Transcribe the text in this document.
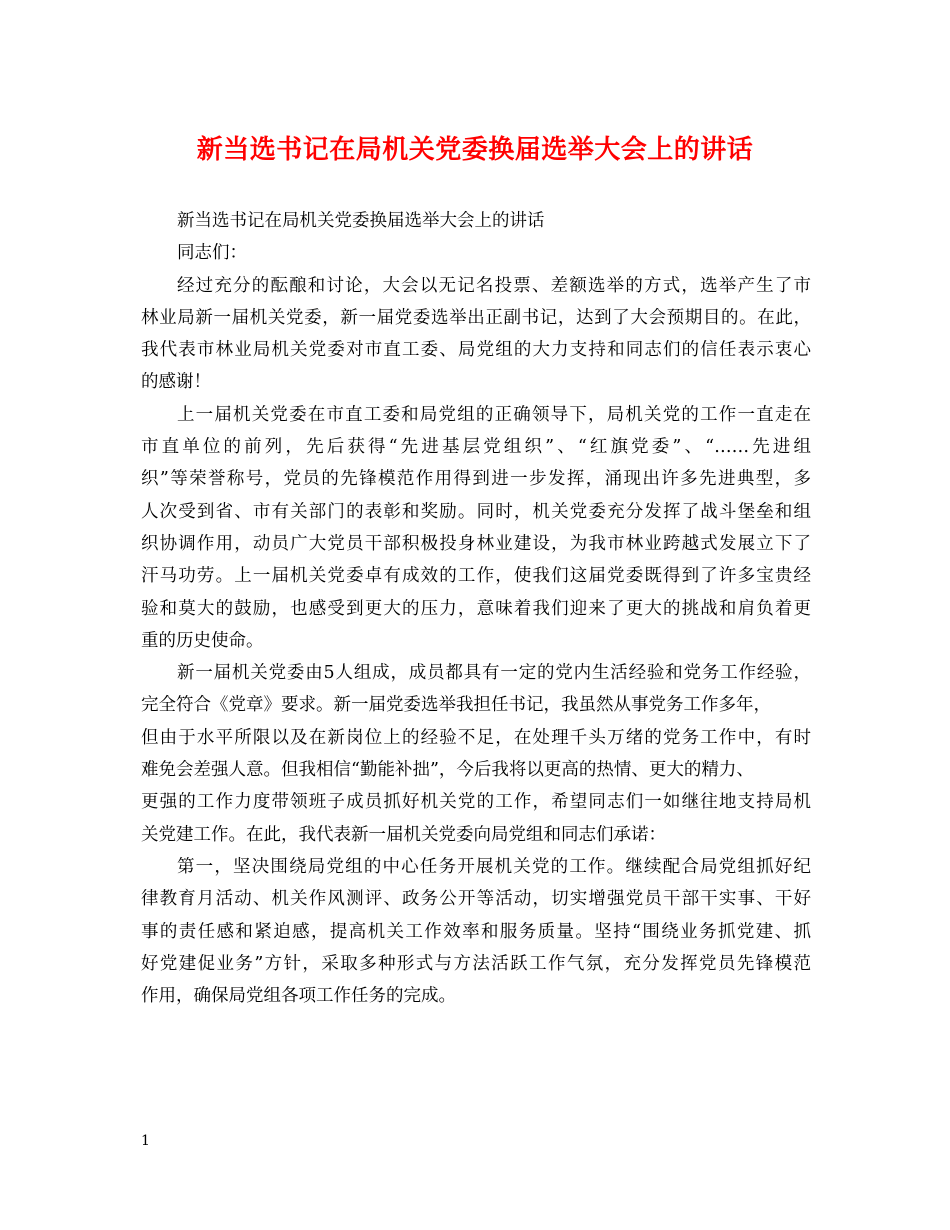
新当选书记在局机关党委换届选举大会上的讲话
新当选书记在局机关党委换届选举大会上的讲话
同志们：
经过充分的酝酿和讨论，大会以无记名投票、差额选举的方式，选举产生了市
林业局新一届机关党委，新一届党委选举出正副书记，达到了大会预期目的。在此，
我代表市林业局机关党委对市直工委、局党组的大力支持和同志们的信任表示衷心
的感谢！
上一届机关党委在市直工委和局党组的正确领导下，局机关党的工作一直走在
市直单位的前列，先后获得“先进基层党组织”、“红旗党委”、“……先进组
织”等荣誉称号，党员的先锋模范作用得到进一步发挥，涌现出许多先进典型，多
人次受到省、市有关部门的表彰和奖励。同时，机关党委充分发挥了战斗堡垒和组
织协调作用，动员广大党员干部积极投身林业建设，为我市林业跨越式发展立下了
汗马功劳。上一届机关党委卓有成效的工作，使我们这届党委既得到了许多宝贵经
验和莫大的鼓励，也感受到更大的压力，意味着我们迎来了更大的挑战和肩负着更
重的历史使命。
新一届机关党委由5人组成，成员都具有一定的党内生活经验和党务工作经验，
完全符合《党章》要求。新一届党委选举我担任书记，我虽然从事党务工作多年，
但由于水平所限以及在新岗位上的经验不足，在处理千头万绪的党务工作中，有时
难免会差强人意。但我相信“勤能补拙”，今后我将以更高的热情、更大的精力、
更强的工作力度带领班子成员抓好机关党的工作，希望同志们一如继往地支持局机
关党建工作。在此，我代表新一届机关党委向局党组和同志们承诺：
第一，坚决围绕局党组的中心任务开展机关党的工作。继续配合局党组抓好纪
律教育月活动、机关作风测评、政务公开等活动，切实增强党员干部干实事、干好
事的责任感和紧迫感，提高机关工作效率和服务质量。坚持“围绕业务抓党建、抓
好党建促业务”方针，采取多种形式与方法活跃工作气氛，充分发挥党员先锋模范
作用，确保局党组各项工作任务的完成。
1
